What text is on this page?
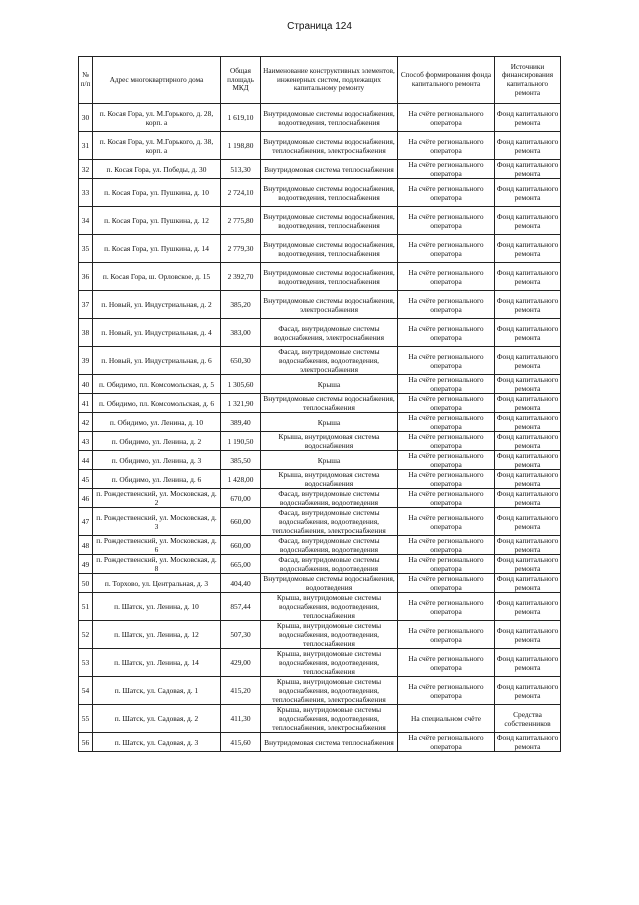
Страница 124
№ п/п	Адрес многоквартирного дома	Общая площадь МКД	Наименование конструктивных элементов, инженерных систем, подлежащих капитальному ремонту	Способ формирования фонда капитального ремонта	Источники финансирования капитального ремонта
30	п. Косая Гора, ул. М.Горького, д. 28, корп. а	1 619,10	Внутридомовые системы водоснабжения, водоотведения, теплоснабжения	На счёте регионального оператора	Фонд капитального ремонта
31	п. Косая Гора, ул. М.Горького, д. 38, корп. а	1 198,80	Внутридомовые системы водоснабжения, теплоснабжения, электроснабжения	На счёте регионального оператора	Фонд капитального ремонта
32	п. Косая Гора, ул. Победы, д. 30	513,30	Внутридомовая система теплоснабжения	На счёте регионального оператора	Фонд капитального ремонта
33	п. Косая Гора, ул. Пушкина, д. 10	2 724,10	Внутридомовые системы водоснабжения, водоотведения, теплоснабжения	На счёте регионального оператора	Фонд капитального ремонта
34	п. Косая Гора, ул. Пушкина, д. 12	2 775,80	Внутридомовые системы водоснабжения, водоотведения, теплоснабжения	На счёте регионального оператора	Фонд капитального ремонта
35	п. Косая Гора, ул. Пушкина, д. 14	2 779,30	Внутридомовые системы водоснабжения, водоотведения, теплоснабжения	На счёте регионального оператора	Фонд капитального ремонта
36	п. Косая Гора, ш. Орловское, д. 15	2 392,70	Внутридомовые системы водоснабжения, водоотведения, теплоснабжения	На счёте регионального оператора	Фонд капитального ремонта
37	п. Новый, ул. Индустриальная, д. 2	385,20	Внутридомовые системы водоснабжения, электроснабжения	На счёте регионального оператора	Фонд капитального ремонта
38	п. Новый, ул. Индустриальная, д. 4	383,00	Фасад, внутридомовые системы водоснабжения, электроснабжения	На счёте регионального оператора	Фонд капитального ремонта
39	п. Новый, ул. Индустриальная, д. 6	650,30	Фасад, внутридомовые системы водоснабжения, водоотведения, электроснабжения	На счёте регионального оператора	Фонд капитального ремонта
40	п. Обидимо, пл. Комсомольская, д. 5	1 305,60	Крыша	На счёте регионального оператора	Фонд капитального ремонта
41	п. Обидимо, пл. Комсомольская, д. 6	1 321,90	Внутридомовые системы водоснабжения, теплоснабжения	На счёте регионального оператора	Фонд капитального ремонта
42	п. Обидимо, ул. Ленина, д. 10	389,40	Крыша	На счёте регионального оператора	Фонд капитального ремонта
43	п. Обидимо, ул. Ленина, д. 2	1 190,50	Крыша, внутридомовая система водоснабжения	На счёте регионального оператора	Фонд капитального ремонта
44	п. Обидимо, ул. Ленина, д. 3	385,50	Крыша	На счёте регионального оператора	Фонд капитального ремонта
45	п. Обидимо, ул. Ленина, д. 6	1 428,00	Крыша, внутридомовая система водоснабжения	На счёте регионального оператора	Фонд капитального ремонта
46	п. Рождественский, ул. Московская, д. 2	670,00	Фасад, внутридомовые системы водоснабжения, водоотведения	На счёте регионального оператора	Фонд капитального ремонта
47	п. Рождественский, ул. Московская, д. 3	660,00	Фасад, внутридомовые системы водоснабжения, водоотведения, теплоснабжения, электроснабжения	На счёте регионального оператора	Фонд капитального ремонта
48	п. Рождественский, ул. Московская, д. 6	660,00	Фасад, внутридомовые системы водоснабжения, водоотведения	На счёте регионального оператора	Фонд капитального ремонта
49	п. Рождественский, ул. Московская, д. 8	665,00	Фасад, внутридомовые системы водоснабжения, водоотведения	На счёте регионального оператора	Фонд капитального ремонта
50	п. Торхово, ул. Центральная, д. 3	404,40	Внутридомовые системы водоснабжения, водоотведения	На счёте регионального оператора	Фонд капитального ремонта
51	п. Шатск, ул. Ленина, д. 10	857,44	Крыша, внутридомовые системы водоснабжения, водоотведения, теплоснабжения	На счёте регионального оператора	Фонд капитального ремонта
52	п. Шатск, ул. Ленина, д. 12	507,30	Крыша, внутридомовые системы водоснабжения, водоотведения, теплоснабжения	На счёте регионального оператора	Фонд капитального ремонта
53	п. Шатск, ул. Ленина, д. 14	429,00	Крыша, внутридомовые системы водоснабжения, водоотведения, теплоснабжения	На счёте регионального оператора	Фонд капитального ремонта
54	п. Шатск, ул. Садовая, д. 1	415,20	Крыша, внутридомовые системы водоснабжения, водоотведения, теплоснабжения, электроснабжения	На счёте регионального оператора	Фонд капитального ремонта
55	п. Шатск, ул. Садовая, д. 2	411,30	Крыша, внутридомовые системы водоснабжения, водоотведения, теплоснабжения, электроснабжения	На специальном счёте	Средства собственников
56	п. Шатск, ул. Садовая, д. 3	415,60	Внутридомовая система теплоснабжения	На счёте регионального оператора	Фонд капитального ремонта
